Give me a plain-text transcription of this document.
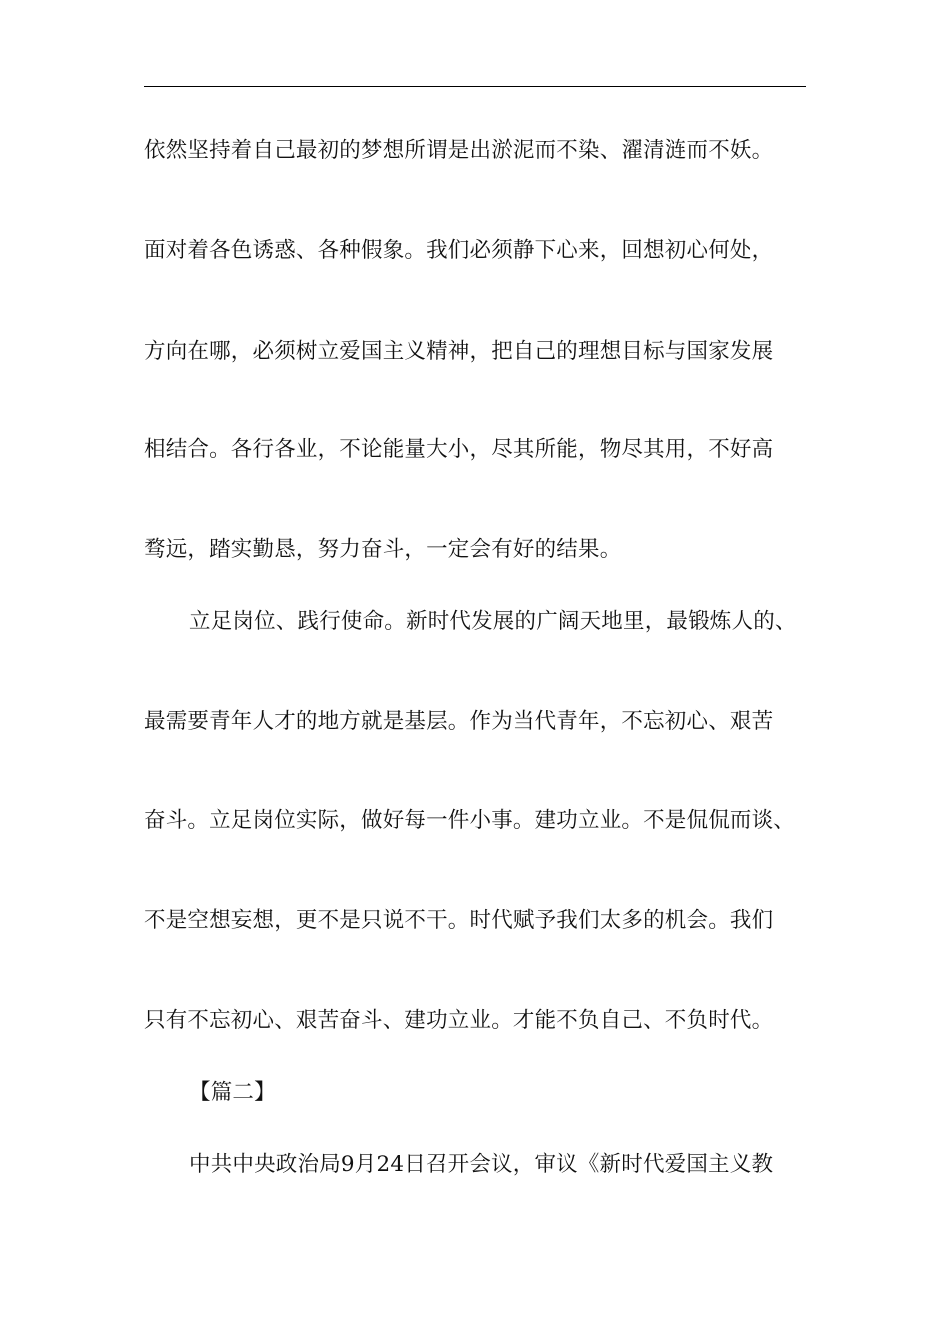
依然坚持着自己最初的梦想所谓是出淤泥而不染、濯清涟而不妖。
面对着各色诱惑、各种假象。我们必须静下心来，回想初心何处，
方向在哪，必须树立爱国主义精神，把自己的理想目标与国家发展
相结合。各行各业，不论能量大小，尽其所能，物尽其用，不好高
骛远，踏实勤恳，努力奋斗，一定会有好的结果。
立足岗位、践行使命。新时代发展的广阔天地里，最锻炼人的、
最需要青年人才的地方就是基层。作为当代青年，不忘初心、艰苦
奋斗。立足岗位实际，做好每一件小事。建功立业。不是侃侃而谈、
不是空想妄想，更不是只说不干。时代赋予我们太多的机会。我们
只有不忘初心、艰苦奋斗、建功立业。才能不负自己、不负时代。
【篇二】
中共中央政治局9月24日召开会议，审议《新时代爱国主义教
